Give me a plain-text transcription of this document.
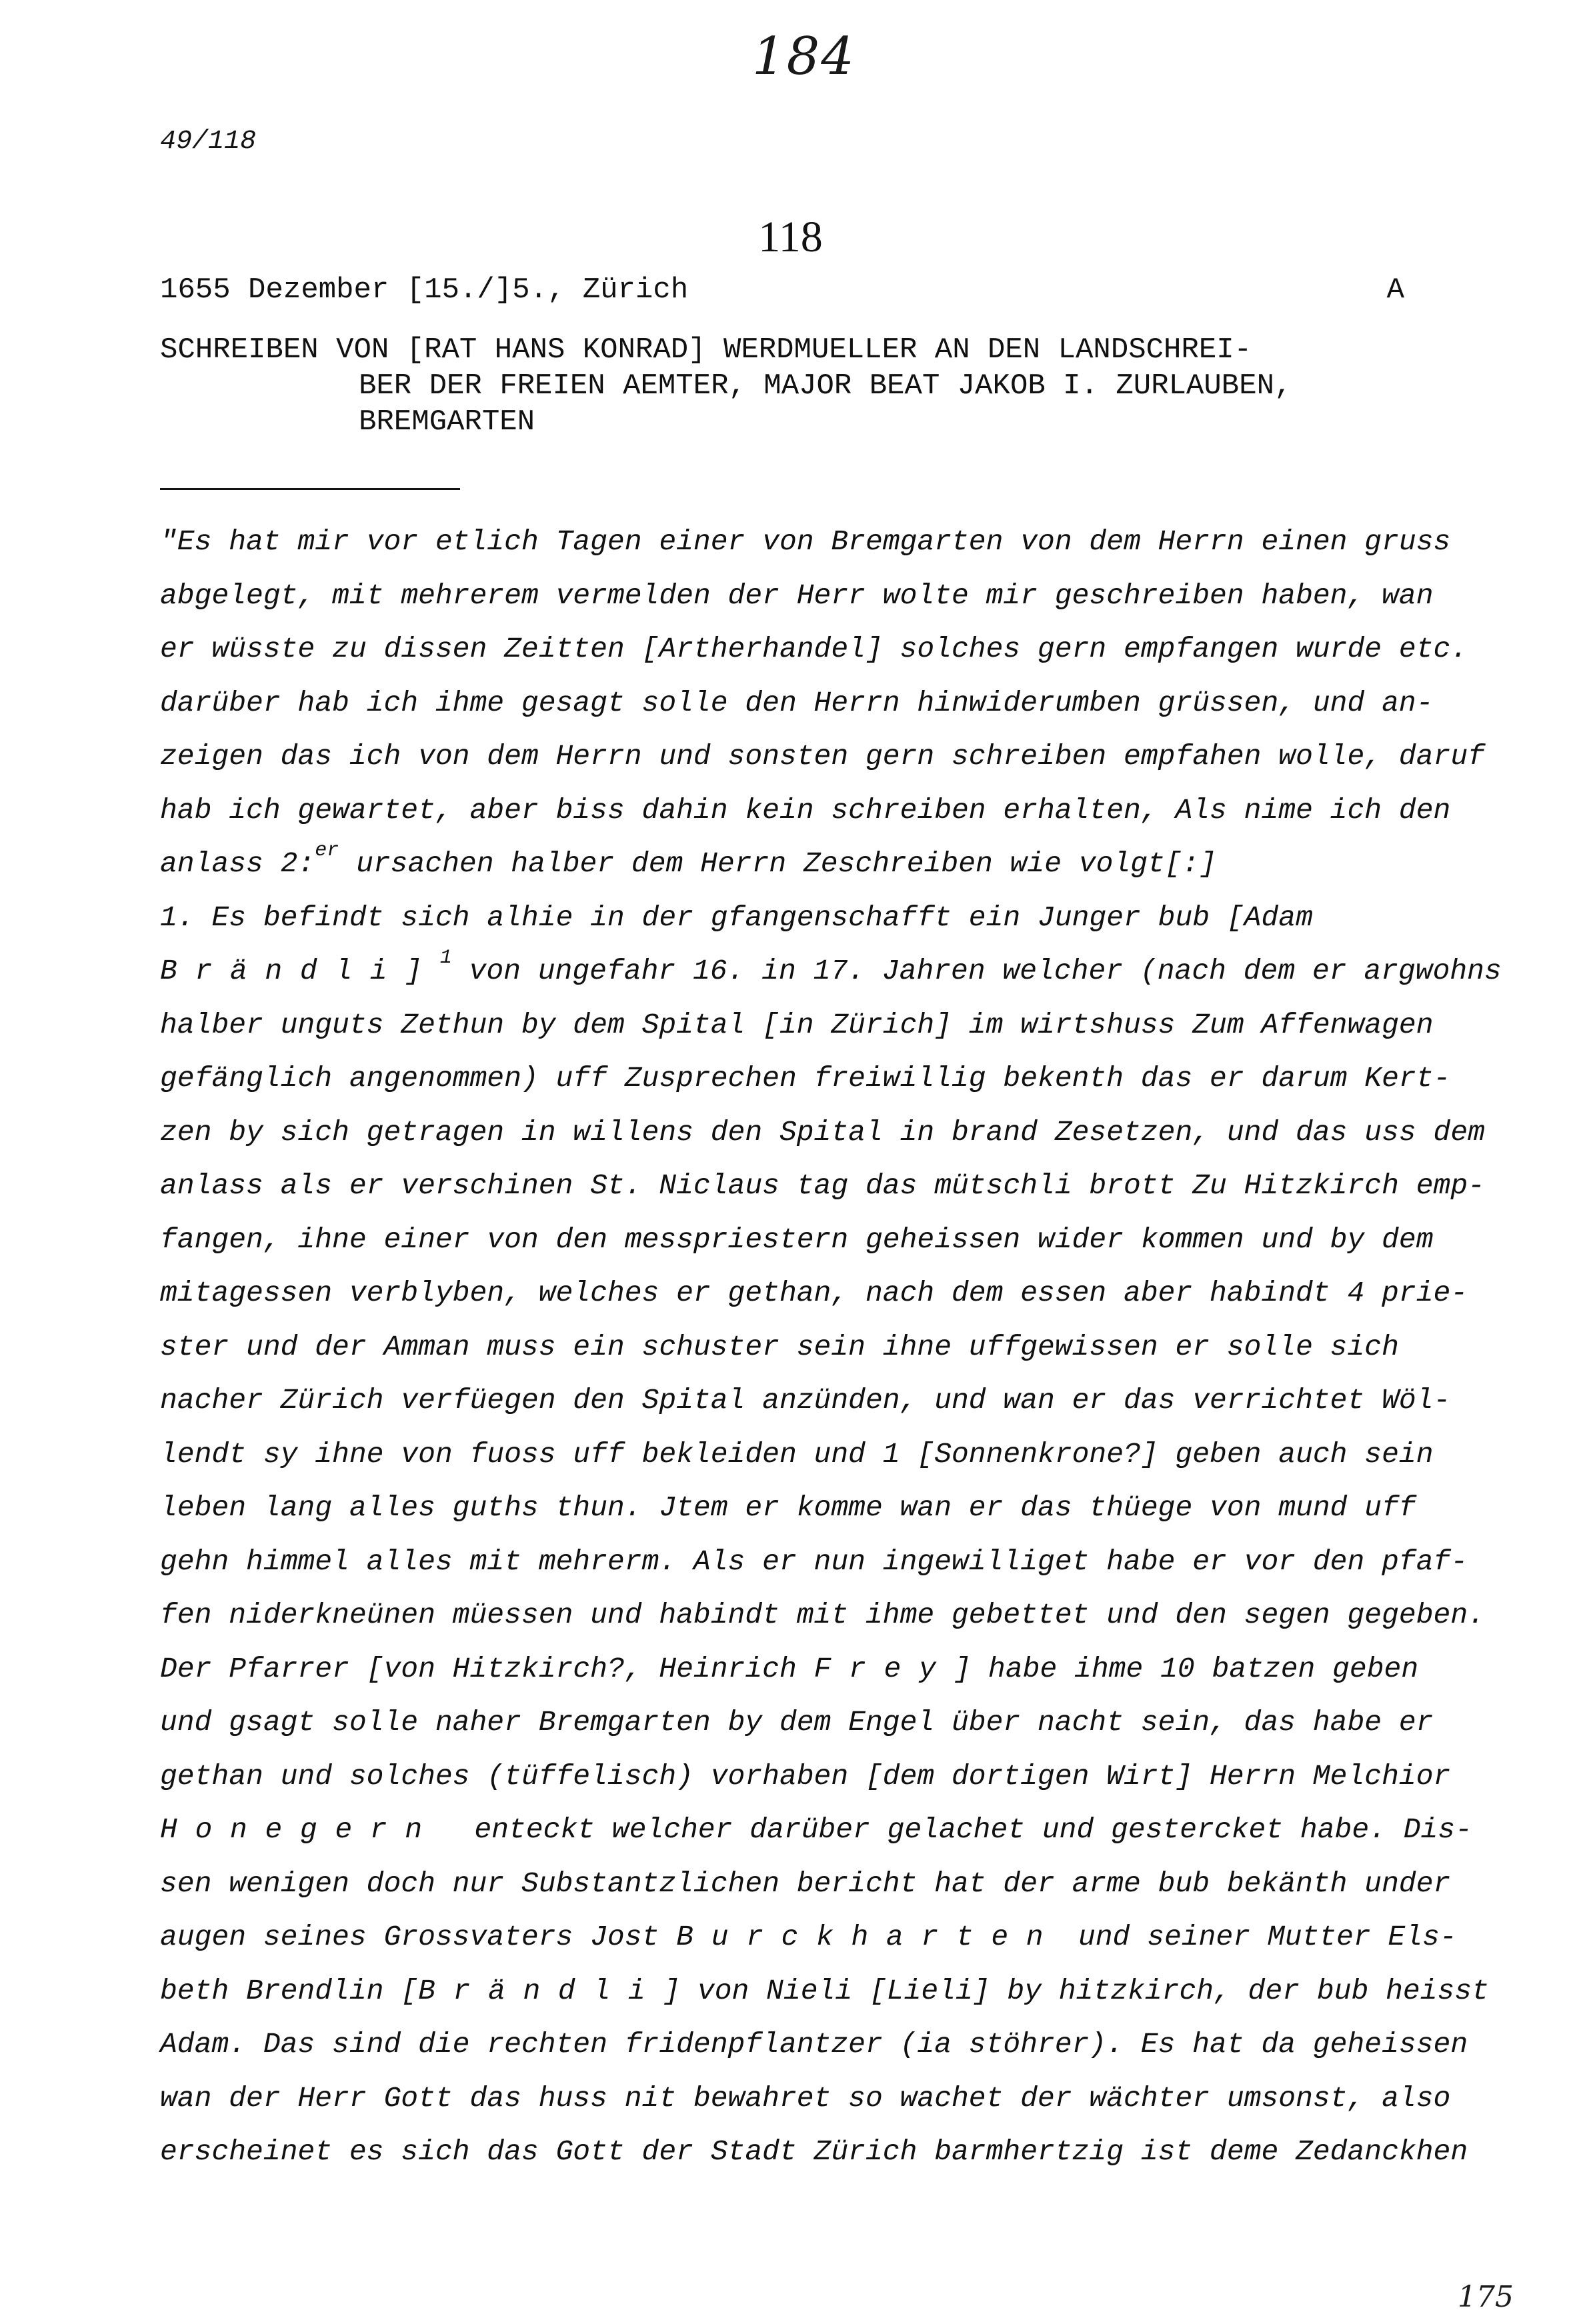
184
49/118
118
1655 Dezember [15./]5., Zürich	A
SCHREIBEN VON [RAT HANS KONRAD] WERDMUELLER AN DEN LANDSCHREI-
BER DER FREIEN AEMTER, MAJOR BEAT JAKOB I. ZURLAUBEN,
BREMGARTEN
"Es hat mir vor etlich Tagen einer von Bremgarten von dem Herrn einen gruss
abgelegt, mit mehrerem vermelden der Herr wolte mir geschreiben haben, wan
er wüsste zu dissen Zeitten [Artherhandel] solches gern empfangen wurde etc.
darüber hab ich ihme gesagt solle den Herrn hinwiderumben grüssen, und an-
zeigen das ich von dem Herrn und sonsten gern schreiben empfahen wolle, daruf
hab ich gewartet, aber biss dahin kein schreiben erhalten, Als nime ich den
anlass 2:$^{er}$ ursachen halber dem Herrn Zeschreiben wie volgt[:]
1. Es befindt sich alhie in der gfangenschafft ein Junger bub [Adam
Brändli]$^1$ von ungefahr 16. in 17. Jahren welcher (nach dem er argwohns
halber unguts Zethun by dem Spital [in Zürich] im wirtshuss Zum Affenwagen
gefänglich angenommen) uff Zusprechen freiwillig bekenth das er darum Kert-
zen by sich getragen in willens den Spital in brand Zesetzen, und das uss dem
anlass als er verschinen St. Niclaus tag das mütschli brott Zu Hitzkirch emp-
fangen, ihne einer von den messpriestern geheissen wider kommen und by dem
mitagessen verblyben, welches er gethan, nach dem essen aber habindt 4 prie-
ster und der Amman muss ein schuster sein ihne uffgewissen er solle sich
nacher Zürich verfüegen den Spital anzünden, und wan er das verrichtet Wöl-
lendt sy ihne von fuoss uff bekleiden und 1 [Sonnenkrone?] geben auch sein
leben lang alles guths thun. Jtem er komme wan er das thüege von mund uff
gehn himmel alles mit mehrerm. Als er nun ingewilliget habe er vor den pfaf-
fen niderkneünen müessen und habindt mit ihme gebettet und den segen gegeben.
Der Pfarrer [von Hitzkirch?, Heinrich Frey] habe ihme 10 batzen geben
und gsagt solle naher Bremgarten by dem Engel über nacht sein, das habe er
gethan und solches (tüffelisch) vorhaben [dem dortigen Wirt] Herrn Melchior
Honegern  enteckt welcher darüber gelachet und gestercket habe. Dis-
sen wenigen doch nur Substantzlichen bericht hat der arme bub bekänth under
augen seines Grossvaters Jost Burckharten und seiner Mutter Els-
beth Brendlin [Brändli] von Nieli [Lieli] by hitzkirch, der bub heisst
Adam. Das sind die rechten fridenpflantzer (ia stöhrer). Es hat da geheissen
wan der Herr Gott das huss nit bewahret so wachet der wächter umsonst, also
erscheinet es sich das Gott der Stadt Zürich barmhertzig ist deme Zedanckhen
175
